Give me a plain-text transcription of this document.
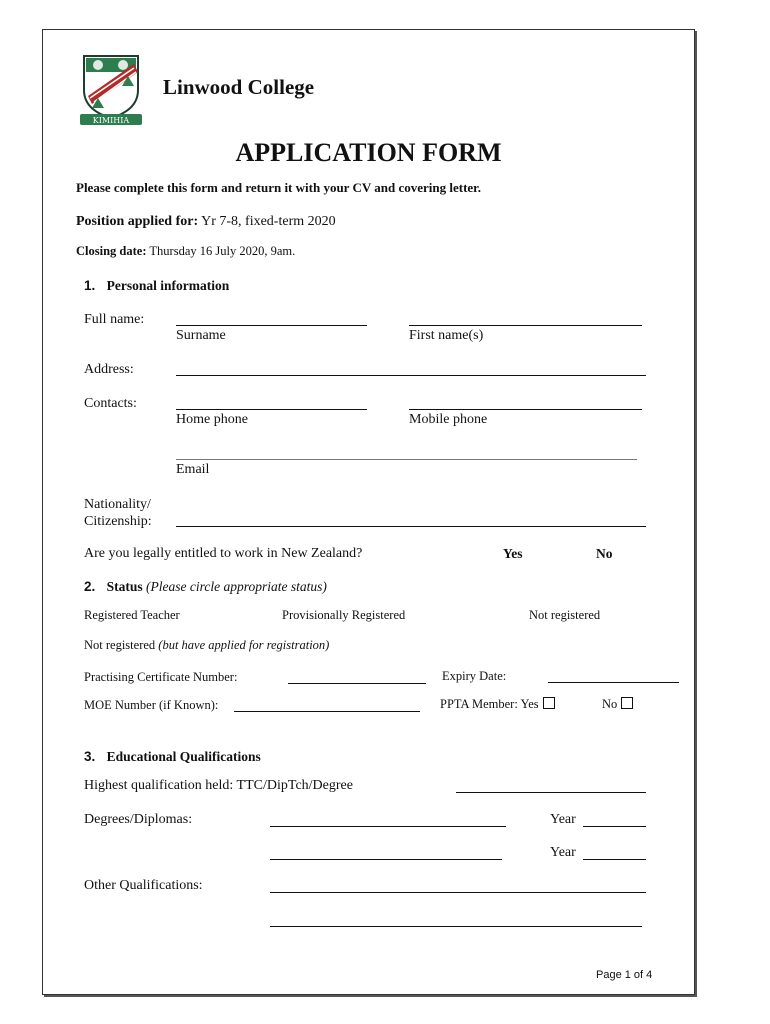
KIMIHIA
Linwood College
APPLICATION FORM
Please complete this form and return it with your CV and covering letter.
Position applied for: Yr 7-8, fixed-term 2020
Closing date: Thursday 16 July 2020, 9am.
1. Personal information
Full name:
Surname	First name(s)
Address:
Contacts:
Home phone	Mobile phone
Email
Nationality/
Citizenship:
Are you legally entitled to work in New Zealand?	Yes	No
2. Status (Please circle appropriate status)
Registered Teacher	Provisionally Registered	Not registered
Not registered (but have applied for registration)
Practising Certificate Number:	Expiry Date:
MOE Number (if Known):	PPTA Member: Yes	No
3. Educational Qualifications
Highest qualification held: TTC/DipTch/Degree
Degrees/Diplomas:	Year
Year
Other Qualifications:
Page 1 of 4
